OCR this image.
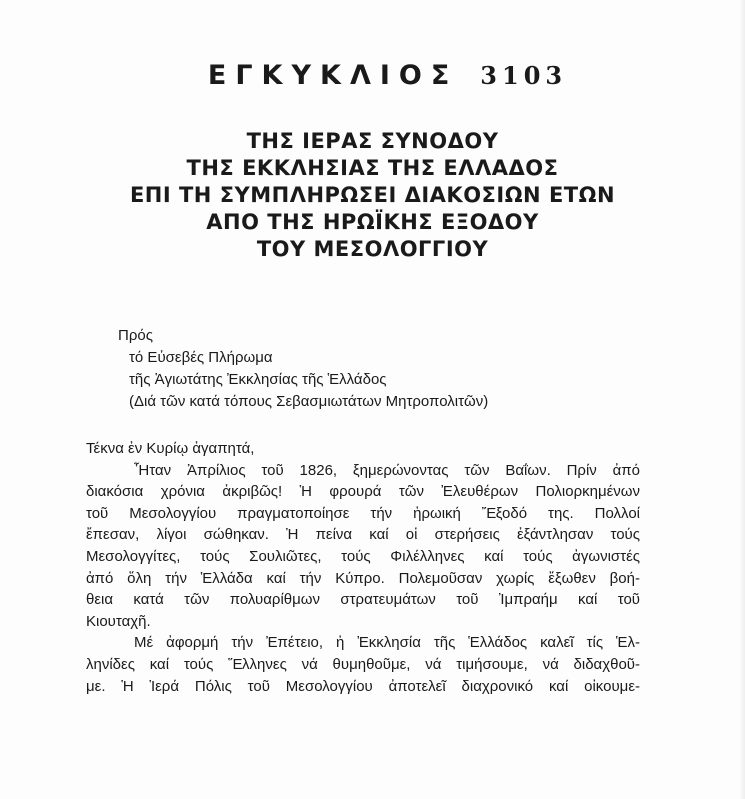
ΕΓΚΥΚΛΙΟΣ 3103
ΤΗΣ ΙΕΡΑΣ ΣΥΝΟΔΟΥ
ΤΗΣ ΕΚΚΛΗΣΙΑΣ ΤΗΣ ΕΛΛΑΔΟΣ
ΕΠΙ ΤΗ ΣΥΜΠΛΗΡΩΣΕΙ ΔΙΑΚΟΣΙΩΝ ΕΤΩΝ
ΑΠΟ ΤΗΣ ΗΡΩΪΚΗΣ ΕΞΟΔΟΥ
ΤΟΥ ΜΕΣΟΛΟΓΓΙΟΥ
Πρός
τό Εὐσεβές Πλήρωμα
τῆς Ἁγιωτάτης Ἐκκλησίας τῆς Ἑλλάδος
(Διά τῶν κατά τόπους Σεβασμιωτάτων Μητροπολιτῶν)
Τέκνα ἐν Κυρίῳ ἀγαπητά,
Ἦταν Ἀπρίλιος τοῦ 1826, ξημερώνοντας τῶν Βαΐων. Πρίν ἀπό
διακόσια χρόνια ἀκριβῶς! Ἡ φρουρά τῶν Ἐλευθέρων Πολιορκημένων
τοῦ Μεσολογγίου πραγματοποίησε τήν ἡρωική Ἔξοδό της. Πολλοί
ἔπεσαν, λίγοι σώθηκαν. Ἡ πείνα καί οἱ στερήσεις ἐξάντλησαν τούς
Μεσολογγίτες, τούς Σουλιῶτες, τούς Φιλέλληνες καί τούς ἀγωνιστές
ἀπό ὅλη τήν Ἑλλάδα καί τήν Κύπρο. Πολεμοῦσαν χωρίς ἔξωθεν βοή-
θεια κατά τῶν πολυαρίθμων στρατευμάτων τοῦ Ἰμπραήμ καί τοῦ
Κιουταχῆ.
Μέ ἀφορμή τήν Ἐπέτειο, ἡ Ἐκκλησία τῆς Ἑλλάδος καλεῖ τίς Ἑλ-
ληνίδες καί τούς Ἕλληνες νά θυμηθοῦμε, νά τιμήσουμε, νά διδαχθοῦ-
με. Ἡ Ἱερά Πόλις τοῦ Μεσολογγίου ἀποτελεῖ διαχρονικό καί οἰκουμε-
